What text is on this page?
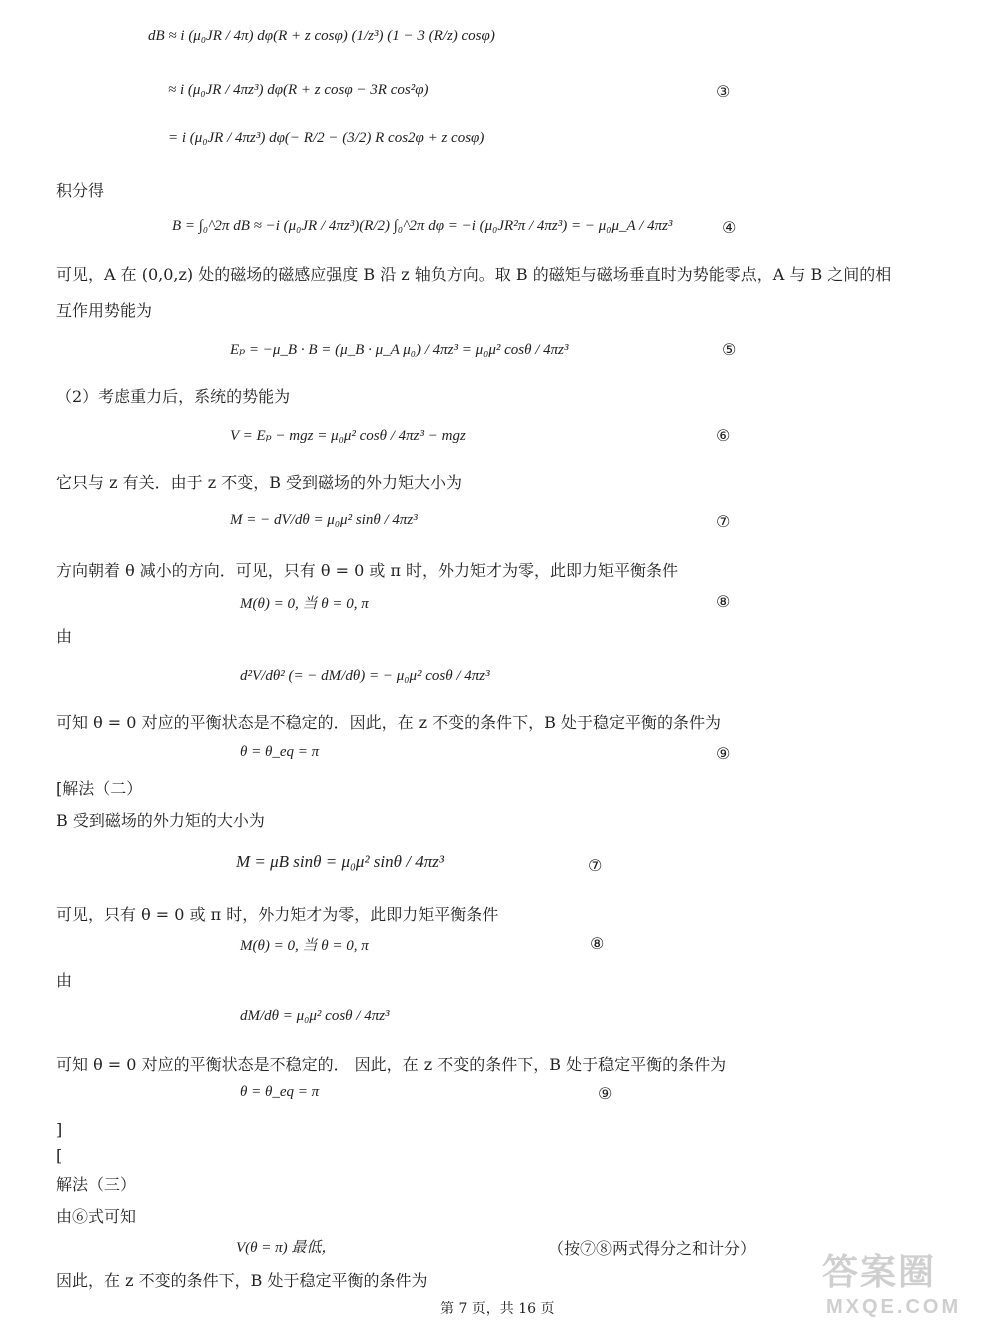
dB ≈ i (μ₀JR / 4π) dφ(R + z cosφ) (1/z³) (1 − 3 (R/z) cosφ)
≈ i (μ₀JR / 4πz³) dφ(R + z cosφ − 3R cos²φ)	③
= i (μ₀JR / 4πz³) dφ(− R/2 − (3/2) R cos2φ + z cosφ)
积分得
B = ∫₀^2π dB ≈ −i (μ₀JR / 4πz³)(R/2) ∫₀^2π dφ = −i (μ₀JR²π / 4πz³) = − μ₀μ_A / 4πz³	④
可见，A 在 (0,0,z) 处的磁场的磁感应强度 B 沿 z 轴负方向。取 B 的磁矩与磁场垂直时为势能零点，A 与 B 之间的相
互作用势能为
Eₚ = −μ_B · B = (μ_B · μ_A μ₀) / 4πz³ = μ₀μ² cosθ / 4πz³	⑤
（2）考虑重力后，系统的势能为
V = Eₚ − mgz = μ₀μ² cosθ / 4πz³ − mgz	⑥
它只与 z 有关．由于 z 不变，B 受到磁场的外力矩大小为
M = − dV/dθ = μ₀μ² sinθ / 4πz³	⑦
方向朝着 θ 减小的方向．可见，只有 θ = 0 或 π 时，外力矩才为零，此即力矩平衡条件
M(θ) = 0, 当 θ = 0, π	⑧
由
d²V/dθ² (= − dM/dθ) = − μ₀μ² cosθ / 4πz³
可知 θ = 0 对应的平衡状态是不稳定的．因此，在 z 不变的条件下，B 处于稳定平衡的条件为
θ = θ_eq = π	⑨
[解法（二）
B 受到磁场的外力矩的大小为
M = μB sinθ = μ₀μ² sinθ / 4πz³	⑦
可见，只有 θ = 0 或 π 时，外力矩才为零，此即力矩平衡条件
M(θ) = 0, 当 θ = 0, π	⑧
由
dM/dθ = μ₀μ² cosθ / 4πz³
可知 θ = 0 对应的平衡状态是不稳定的． 因此，在 z 不变的条件下，B 处于稳定平衡的条件为
θ = θ_eq = π	⑨
]
[
解法（三）
由⑥式可知
V(θ = π) 最低，	（按⑦⑧两式得分之和计分）
因此，在 z 不变的条件下，B 处于稳定平衡的条件为
第 7 页，共 16 页
答案圈
MXQE.COM
